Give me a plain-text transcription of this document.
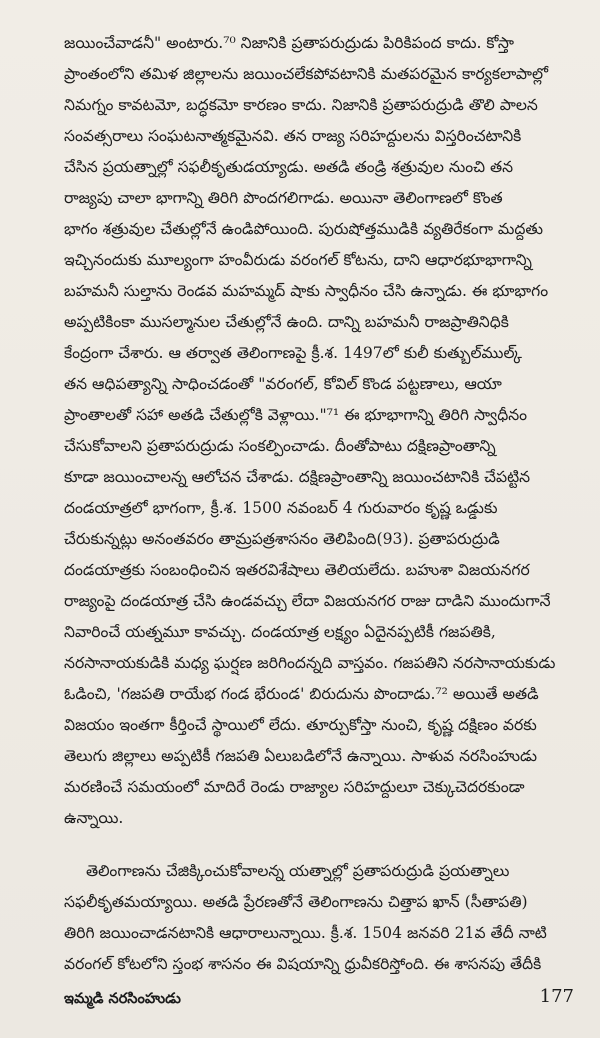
జయించేవాడనీ" అంటారు.⁷⁰ నిజానికి ప్రతాపరుద్రుడు పిరికిపంద కాదు. కోస్తా
ప్రాంతంలోని తమిళ జిల్లాలను జయించలేకపోవటానికి మతపరమైన కార్యకలాపాల్లో
నిమగ్నం కావటమో, బద్ధకమో కారణం కాదు. నిజానికి ప్రతాపరుద్రుడి తొలి పాలన
సంవత్సరాలు సంఘటనాత్మకమైనవి. తన రాజ్య సరిహద్దులను విస్తరించటానికి
చేసిన ప్రయత్నాల్లో సఫలీకృతుడయ్యాడు. అతడి తండ్రి శత్రువుల నుంచి తన
రాజ్యపు చాలా భాగాన్ని తిరిగి పొందగలిగాడు. అయినా తెలింగాణలో కొంత
భాగం శత్రువుల చేతుల్లోనే ఉండిపోయింది. పురుషోత్తముడికి వ్యతిరేకంగా మద్దతు
ఇచ్చినందుకు మూల్యంగా హంవీరుడు వరంగల్ కోటను, దాని ఆధారభూభాగాన్ని
బహమనీ సుల్తాను రెండవ మహమ్మద్ షాకు స్వాధీనం చేసి ఉన్నాడు. ఈ భూభాగం
అప్పటికింకా ముసల్మానుల చేతుల్లోనే ఉంది. దాన్ని బహమనీ రాజప్రాతినిధికి
కేంద్రంగా చేశారు. ఆ తర్వాత తెలింగాణపై క్రీ.శ. 1497లో కులీ కుత్బుల్‌ముల్క్
తన ఆధిపత్యాన్ని సాధించడంతో "వరంగల్, కోవిల్ కొండ పట్టణాలు, ఆయా
ప్రాంతాలతో సహా అతడి చేతుల్లోకి వెళ్లాయి."⁷¹ ఈ భూభాగాన్ని తిరిగి స్వాధీనం
చేసుకోవాలని ప్రతాపరుద్రుడు సంకల్పించాడు. దీంతోపాటు దక్షిణప్రాంతాన్ని
కూడా జయించాలన్న ఆలోచన చేశాడు. దక్షిణప్రాంతాన్ని జయించటానికి చేపట్టిన
దండయాత్రలో భాగంగా, క్రీ.శ. 1500 నవంబర్ 4 గురువారం కృష్ణ ఒడ్డుకు
చేరుకున్నట్లు అనంతవరం తామ్రపత్రశాసనం తెలిపింది(93). ప్రతాపరుద్రుడి
దండయాత్రకు సంబంధించిన ఇతరవిశేషాలు తెలియలేదు. బహుశా విజయనగర
రాజ్యంపై దండయాత్ర చేసి ఉండవచ్చు లేదా విజయనగర రాజు దాడిని ముందుగానే
నివారించే యత్నమూ కావచ్చు. దండయాత్ర లక్ష్యం ఏదైనప్పటికీ గజపతికి,
నరసానాయకుడికి మధ్య ఘర్షణ జరిగిందన్నది వాస్తవం. గజపతిని నరసానాయకుడు
ఓడించి, 'గజపతి రాయేభ గండ భేరుండ' బిరుదును పొందాడు.⁷² అయితే అతడి
విజయం ఇంతగా కీర్తించే స్థాయిలో లేదు. తూర్పుకోస్తా నుంచి, కృష్ణ దక్షిణం వరకు
తెలుగు జిల్లాలు అప్పటికీ గజపతి ఏలుబడిలోనే ఉన్నాయి. సాళువ నరసింహుడు
మరణించే సమయంలో మాదిరే రెండు రాజ్యాల సరిహద్దులూ చెక్కుచెదరకుండా
ఉన్నాయి.
తెలింగాణను చేజిక్కించుకోవాలన్న యత్నాల్లో ప్రతాపరుద్రుడి ప్రయత్నాలు
సఫలీకృతమయ్యాయి. అతడి ప్రేరణతోనే తెలింగాణను చిత్తాప ఖాన్ (సీతాపతి)
తిరిగి జయించాడనటానికి ఆధారాలున్నాయి. క్రీ.శ. 1504 జనవరి 21వ తేదీ నాటి
వరంగల్ కోటలోని స్తంభ శాసనం ఈ విషయాన్ని ధ్రువీకరిస్తోంది. ఈ శాసనపు తేదీకి
ఇమ్మడి నరసింహుడు	177
